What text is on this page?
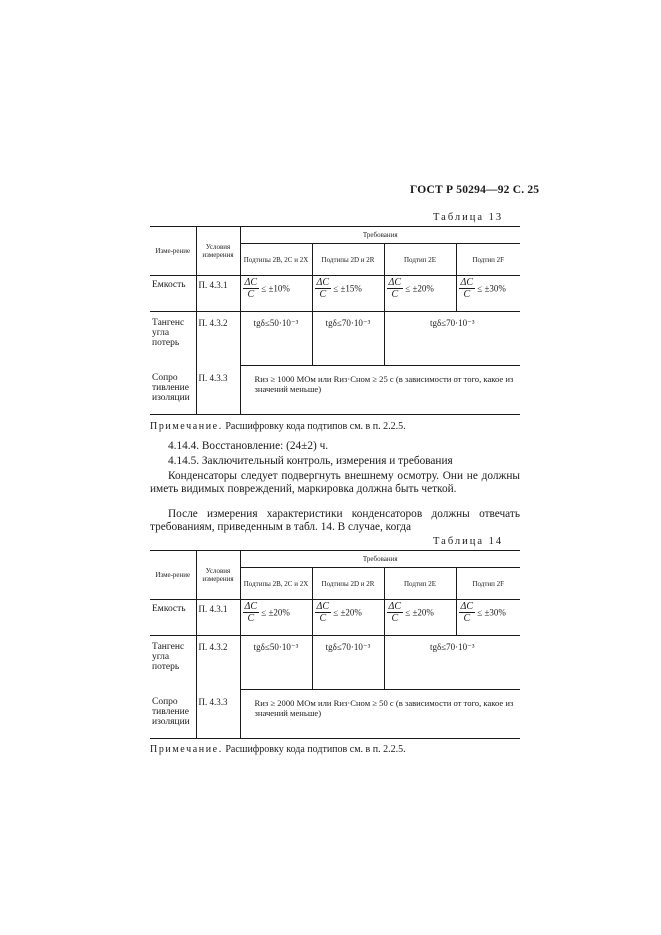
ГОСТ Р 50294—92 С. 25
Таблица 13
Изме-рение	Условия измерения	Требования			
		Подтипы 2В, 2С и 2Х	Подтипы 2D и 2R	Подтип 2Е	Подтип 2F
Емкость	П. 4.3.1	$\frac{\Delta C}{C} \le \pm 10\%$	$\frac{\Delta C}{C} \le \pm 15\%$	$\frac{\Delta C}{C} \le \pm 20\%$	$\frac{\Delta C}{C} \le \pm 30\%$
Тангенс угла потерь	П. 4.3.2	tgδ≤50·10⁻³	tgδ≤70·10⁻³	tgδ≤70·10⁻³	
Сопро тивление изоляции	П. 4.3.3	Rиз ≥ 1000 МОм или Rиз·Cном ≥ 25 с (в зависимости от того, какое из значений меньше)			
Примечание. Расшифровку кода подтипов см. в п. 2.2.5.
4.14.4. Восстановление: (24±2) ч.
4.14.5. Заключительный контроль, измерения и требования
Конденсаторы следует подвергнуть внешнему осмотру. Они не должны иметь видимых повреждений, маркировка должна быть четкой.
После измерения характеристики конденсаторов должны отвечать требованиям, приведенным в табл. 14. В случае, когда
Таблица 14
Изме-рение	Условия измерения	Требования			
		Подтипы 2В, 2С и 2Х	Подтипы 2D и 2R	Подтип 2Е	Подтип 2F
Емкость	П. 4.3.1	$\frac{\Delta C}{C} \le \pm 20\%$	$\frac{\Delta C}{C} \le \pm 20\%$	$\frac{\Delta C}{C} \le \pm 20\%$	$\frac{\Delta C}{C} \le \pm 30\%$
Тангенс угла потерь	П. 4.3.2	tgδ≤50·10⁻³	tgδ≤70·10⁻³	tgδ≤70·10⁻³	
Сопро тивление изоляции	П. 4.3.3	Rиз ≥ 2000 МОм или Rиз·Cном ≥ 50 с (в зависимости от того, какое из значений меньше)			
Примечание. Расшифровку кода подтипов см. в п. 2.2.5.
